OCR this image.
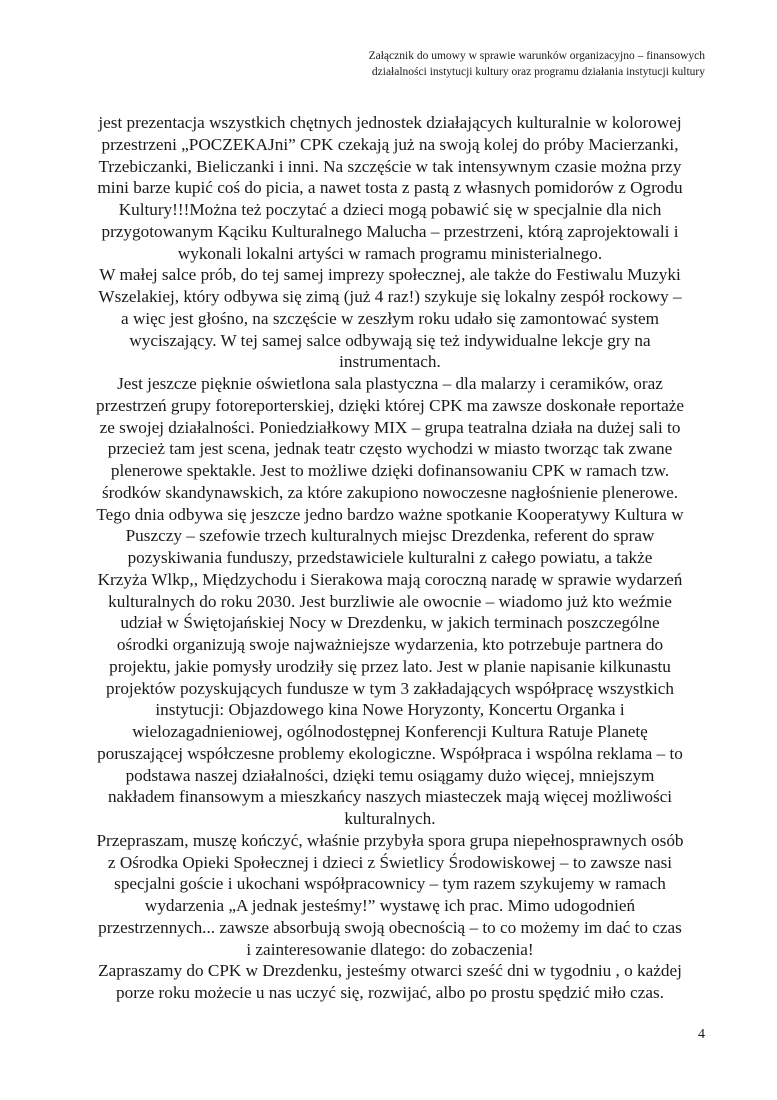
Załącznik do umowy w sprawie warunków organizacyjno – finansowych
działalności instytucji kultury oraz programu działania instytucji kultury
jest prezentacja wszystkich chętnych jednostek działających kulturalnie w kolorowej
przestrzeni „POCZEKAJni” CPK czekają już na swoją kolej do próby Macierzanki,
Trzebiczanki, Bieliczanki i inni. Na szczęście w tak intensywnym czasie można przy
mini barze kupić coś do picia, a nawet tosta z pastą z własnych pomidorów z Ogrodu
Kultury!!!Można też poczytać a dzieci mogą pobawić się w specjalnie dla nich
przygotowanym Kąciku Kulturalnego Malucha – przestrzeni, którą zaprojektowali i
wykonali lokalni artyści w ramach programu ministerialnego.
W małej salce prób, do tej samej imprezy społecznej, ale także do Festiwalu Muzyki
Wszelakiej, który odbywa się zimą (już 4 raz!) szykuje się lokalny zespół rockowy –
a więc jest głośno, na szczęście w zeszłym roku udało się zamontować system
wyciszający. W tej samej salce odbywają się też indywidualne lekcje gry na
instrumentach.
Jest jeszcze pięknie oświetlona sala plastyczna – dla malarzy i ceramików, oraz
przestrzeń grupy fotoreporterskiej, dzięki której CPK ma zawsze doskonałe reportaże
ze swojej działalności. Poniedziałkowy MIX – grupa teatralna działa na dużej sali to
przecież tam jest scena, jednak teatr często wychodzi w miasto tworząc tak zwane
plenerowe spektakle. Jest to możliwe dzięki dofinansowaniu CPK w ramach tzw.
środków skandynawskich, za które zakupiono nowoczesne nagłośnienie plenerowe.
Tego dnia odbywa się jeszcze jedno bardzo ważne spotkanie Kooperatywy Kultura w
Puszczy – szefowie trzech kulturalnych miejsc Drezdenka, referent do spraw
pozyskiwania funduszy, przedstawiciele kulturalni z całego powiatu, a także
Krzyża Wlkp,, Międzychodu i Sierakowa mają coroczną naradę w sprawie wydarzeń
kulturalnych do roku 2030. Jest burzliwie ale owocnie – wiadomo już kto weźmie
udział w Świętojańskiej Nocy w Drezdenku, w jakich terminach poszczególne
ośrodki organizują swoje najważniejsze wydarzenia, kto potrzebuje partnera do
projektu, jakie pomysły urodziły się przez lato. Jest w planie napisanie kilkunastu
projektów pozyskujących fundusze w tym 3 zakładających współpracę wszystkich
instytucji: Objazdowego kina Nowe Horyzonty, Koncertu Organka i
wielozagadnieniowej, ogólnodostępnej Konferencji Kultura Ratuje Planetę
poruszającej współczesne problemy ekologiczne. Współpraca i wspólna reklama – to
podstawa naszej działalności, dzięki temu osiągamy dużo więcej, mniejszym
nakładem finansowym a mieszkańcy naszych miasteczek mają więcej możliwości
kulturalnych.
Przepraszam, muszę kończyć, właśnie przybyła spora grupa niepełnosprawnych osób
z Ośrodka Opieki Społecznej i dzieci z Świetlicy Środowiskowej – to zawsze nasi
specjalni goście i ukochani współpracownicy – tym razem szykujemy w ramach
wydarzenia „A jednak jesteśmy!” wystawę ich prac. Mimo udogodnień
przestrzennych... zawsze absorbują swoją obecnością – to co możemy im dać to czas
i zainteresowanie dlatego: do zobaczenia!
Zapraszamy do CPK w Drezdenku, jesteśmy otwarci sześć dni w tygodniu , o każdej
porze roku możecie u nas uczyć się, rozwijać, albo po prostu spędzić miło czas.
4
